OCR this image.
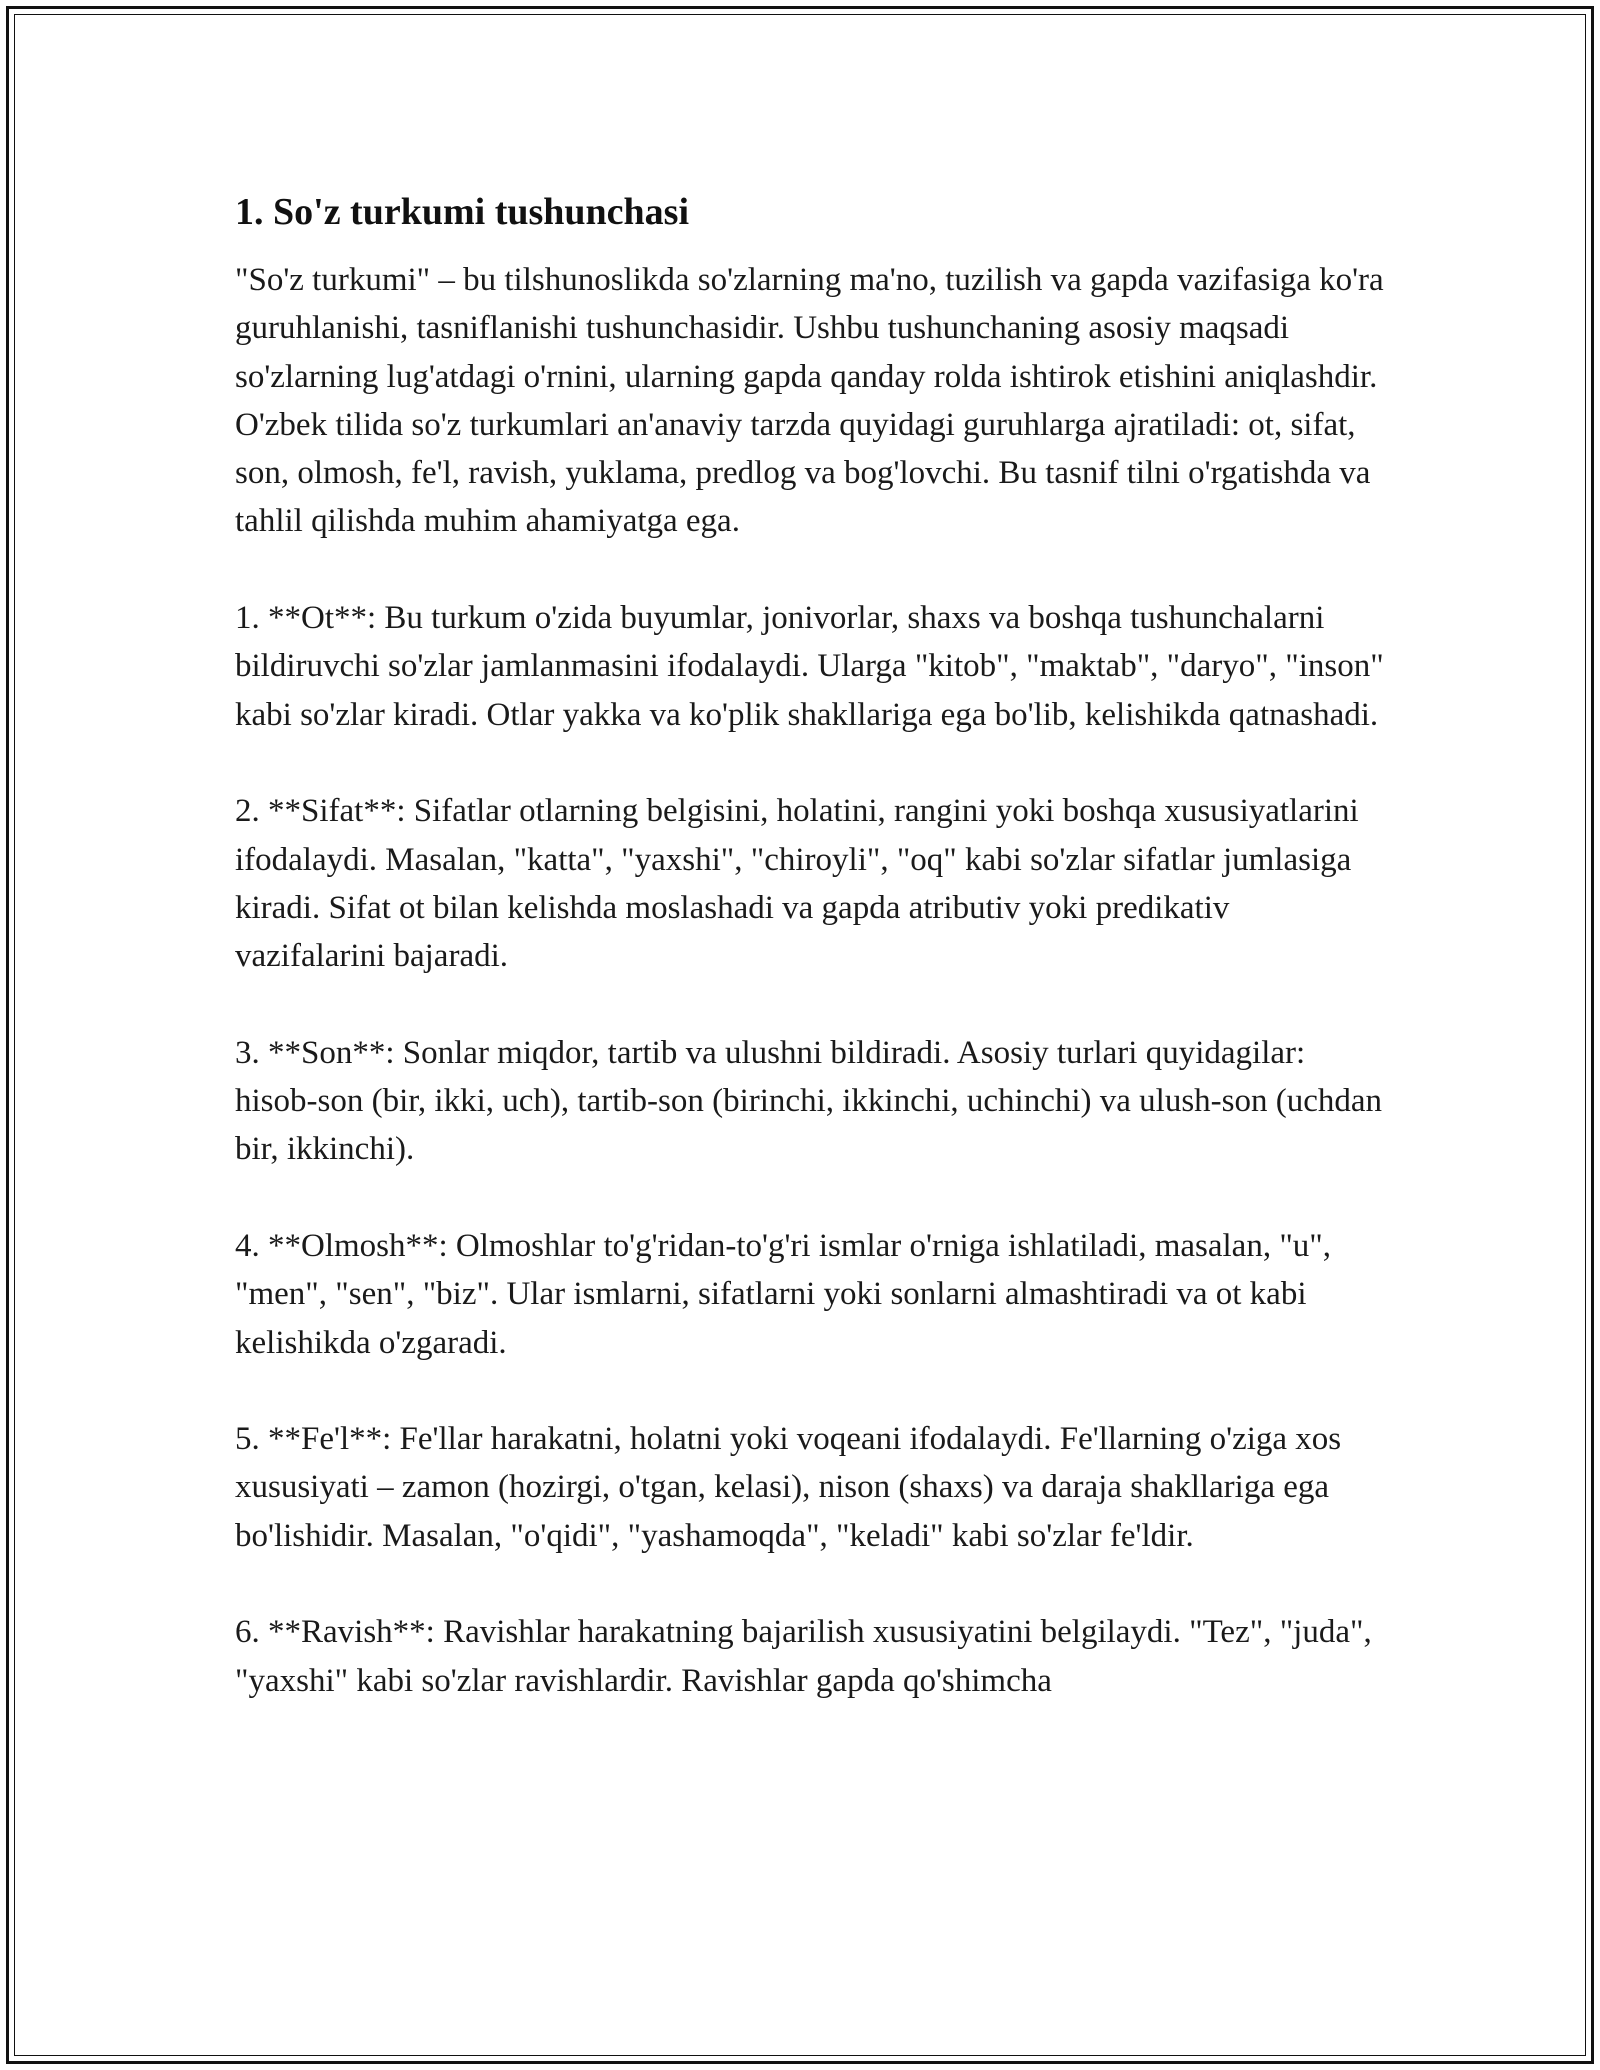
1. So'z turkumi tushunchasi

"So'z turkumi" – bu tilshunoslikda so'zlarning ma'no, tuzilish va gapda vazifasiga ko'ra guruhlanishi, tasniflanishi tushunchasidir. Ushbu tushunchaning asosiy maqsadi so'zlarning lug'atdagi o'rnini, ularning gapda qanday rolda ishtirok etishini aniqlashdir. O'zbek tilida so'z turkumlari an'anaviy tarzda quyidagi guruhlarga ajratiladi: ot, sifat, son, olmosh, fe'l, ravish, yuklama, predlog va bog'lovchi. Bu tasnif tilni o'rgatishda va tahlil qilishda muhim ahamiyatga ega.

1. **Ot**: Bu turkum o'zida buyumlar, jonivorlar, shaxs va boshqa tushunchalarni bildiruvchi so'zlar jamlanmasini ifodalaydi. Ularga "kitob", "maktab", "daryo", "inson" kabi so'zlar kiradi. Otlar yakka va ko'plik shakllariga ega bo'lib, kelishikda qatnashadi.

2. **Sifat**: Sifatlar otlarning belgisini, holatini, rangini yoki boshqa xususiyatlarini ifodalaydi. Masalan, "katta", "yaxshi", "chiroyli", "oq" kabi so'zlar sifatlar jumlasiga kiradi. Sifat ot bilan kelishda moslashadi va gapda atributiv yoki predikativ vazifalarini bajaradi.

3. **Son**: Sonlar miqdor, tartib va ulushni bildiradi. Asosiy turlari quyidagilar: hisob-son (bir, ikki, uch), tartib-son (birinchi, ikkinchi, uchinchi) va ulush-son (uchdan bir, ikkinchi).

4. **Olmosh**: Olmoshlar to'g'ridan-to'g'ri ismlar o'rniga ishlatiladi, masalan, "u", "men", "sen", "biz". Ular ismlarni, sifatlarni yoki sonlarni almashtiradi va ot kabi kelishikda o'zgaradi.

5. **Fe'l**: Fe'llar harakatni, holatni yoki voqeani ifodalaydi. Fe'llarning o'ziga xos xususiyati – zamon (hozirgi, o'tgan, kelasi), nison (shaxs) va daraja shakllariga ega bo'lishidir. Masalan, "o'qidi", "yashamoqda", "keladi" kabi so'zlar fe'ldir.

6. **Ravish**: Ravishlar harakatning bajarilish xususiyatini belgilaydi. "Tez", "juda", "yaxshi" kabi so'zlar ravishlardir. Ravishlar gapda qo'shimcha
